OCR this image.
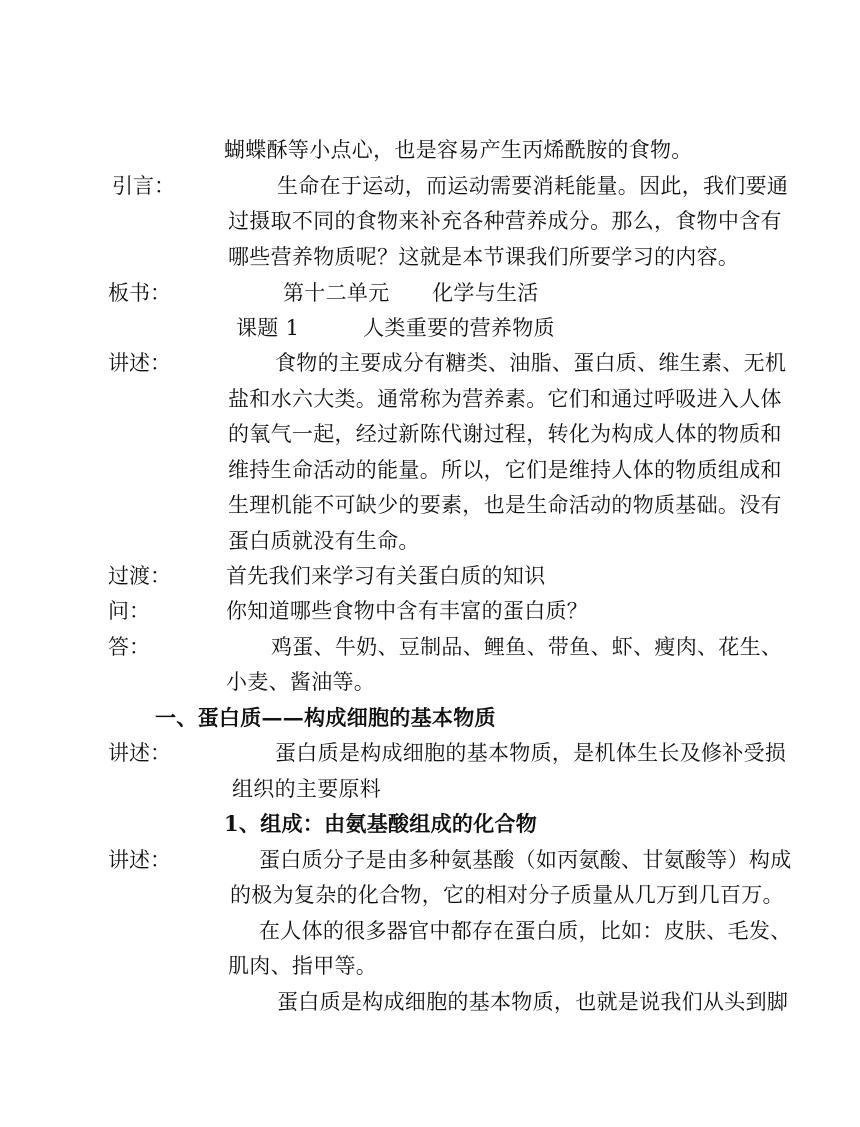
引言：
板书：
讲述：
过渡：
问：
答：
讲述：
讲述：
蝴蝶酥等小点心，也是容易产生丙烯酰胺的食物。
生命在于运动，而运动需要消耗能量。因此，我们要通
过摄取不同的食物来补充各种营养成分。那么，食物中含有
哪些营养物质呢？这就是本节课我们所要学习的内容。
第十二单元　　化学与生活
课题 1　　　人类重要的营养物质
食物的主要成分有糖类、油脂、蛋白质、维生素、无机
盐和水六大类。通常称为营养素。它们和通过呼吸进入人体
的氧气一起，经过新陈代谢过程，转化为构成人体的物质和
维持生命活动的能量。所以，它们是维持人体的物质组成和
生理机能不可缺少的要素，也是生命活动的物质基础。没有
蛋白质就没有生命。
首先我们来学习有关蛋白质的知识
你知道哪些食物中含有丰富的蛋白质？
鸡蛋、牛奶、豆制品、鲤鱼、带鱼、虾、瘦肉、花生、
小麦、酱油等。
一、蛋白质——构成细胞的基本物质
蛋白质是构成细胞的基本物质，是机体生长及修补受损
组织的主要原料
1、组成：由氨基酸组成的化合物
蛋白质分子是由多种氨基酸（如丙氨酸、甘氨酸等）构成
的极为复杂的化合物，它的相对分子质量从几万到几百万。
在人体的很多器官中都存在蛋白质，比如：皮肤、毛发、
肌肉、指甲等。
蛋白质是构成细胞的基本物质，也就是说我们从头到脚
